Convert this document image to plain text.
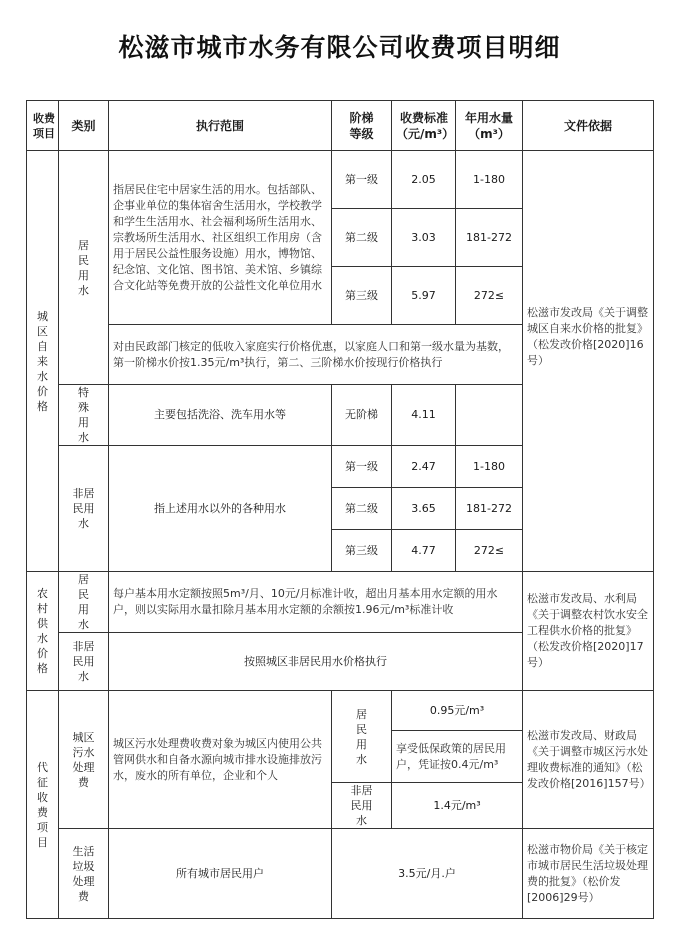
松滋市城市水务有限公司收费项目明细
收费项目	类别	执行范围	阶梯等级	收费标准（元/m³）	年用水量（m³）	文件依据

城区自来水价格	居民用水	指居民住宅中居家生活的用水。包括部队、企事业单位的集体宿舍生活用水，学校教学和学生生活用水、社会福利场所生活用水、宗教场所生活用水、社区组织工作用房（含用于居民公益性服务设施）用水，博物馆、纪念馆、文化馆、图书馆、美术馆、乡镇综合文化站等免费开放的公益性文化单位用水	第一级	2.05	1-180	
			第二级	3.03	181-272	
			第三级	5.97	272≤	
		对由民政部门核定的低收入家庭实行价格优惠，以家庭人口和第一级水量为基数，第一阶梯水价按1.35元/m³执行，第二、三阶梯水价按现行价格执行				

	特殊用水	主要包括洗浴、洗车用水等	无阶梯	4.11		松滋市发改局《关于调整城区自来水价格的批复》（松发改价格[2020]16号）

	非居民用水	指上述用水以外的各种用水	第一级	2.47	1-180	
			第二级	3.65	181-272	
			第三级	4.77	272≤	

农村供水价格	居民用水	每户基本用水定额按照5m³/月、10元/月标准计收，超出月基本用水定额的用水户，则以实际用水量扣除月基本用水定额的余额按1.96元/m³标准计收				松滋市发改局、水利局《关于调整农村饮水安全工程供水价格的批复》（松发改价格[2020]17号）

	非居民用水	按照城区非居民用水价格执行				

代征收费项目	城区污水处理费	城区污水处理费收费对象为城区内使用公共管网供水和自备水源向城市排水设施排放污水，废水的所有单位，企业和个人	居民用水	0.95元/m³		松滋市发改局、财政局《关于调整市城区污水处理收费标准的通知》（松发改价格[2016]157号）
				享受低保政策的居民用户，凭证按0.4元/m³		

			非居民用水	1.4元/m³		

	生活垃圾处理费	所有城市居民用户	3.5元/月.户			松滋市物价局《关于核定市城市居民生活垃圾处理费的批复》（松价发[2006]29号）
